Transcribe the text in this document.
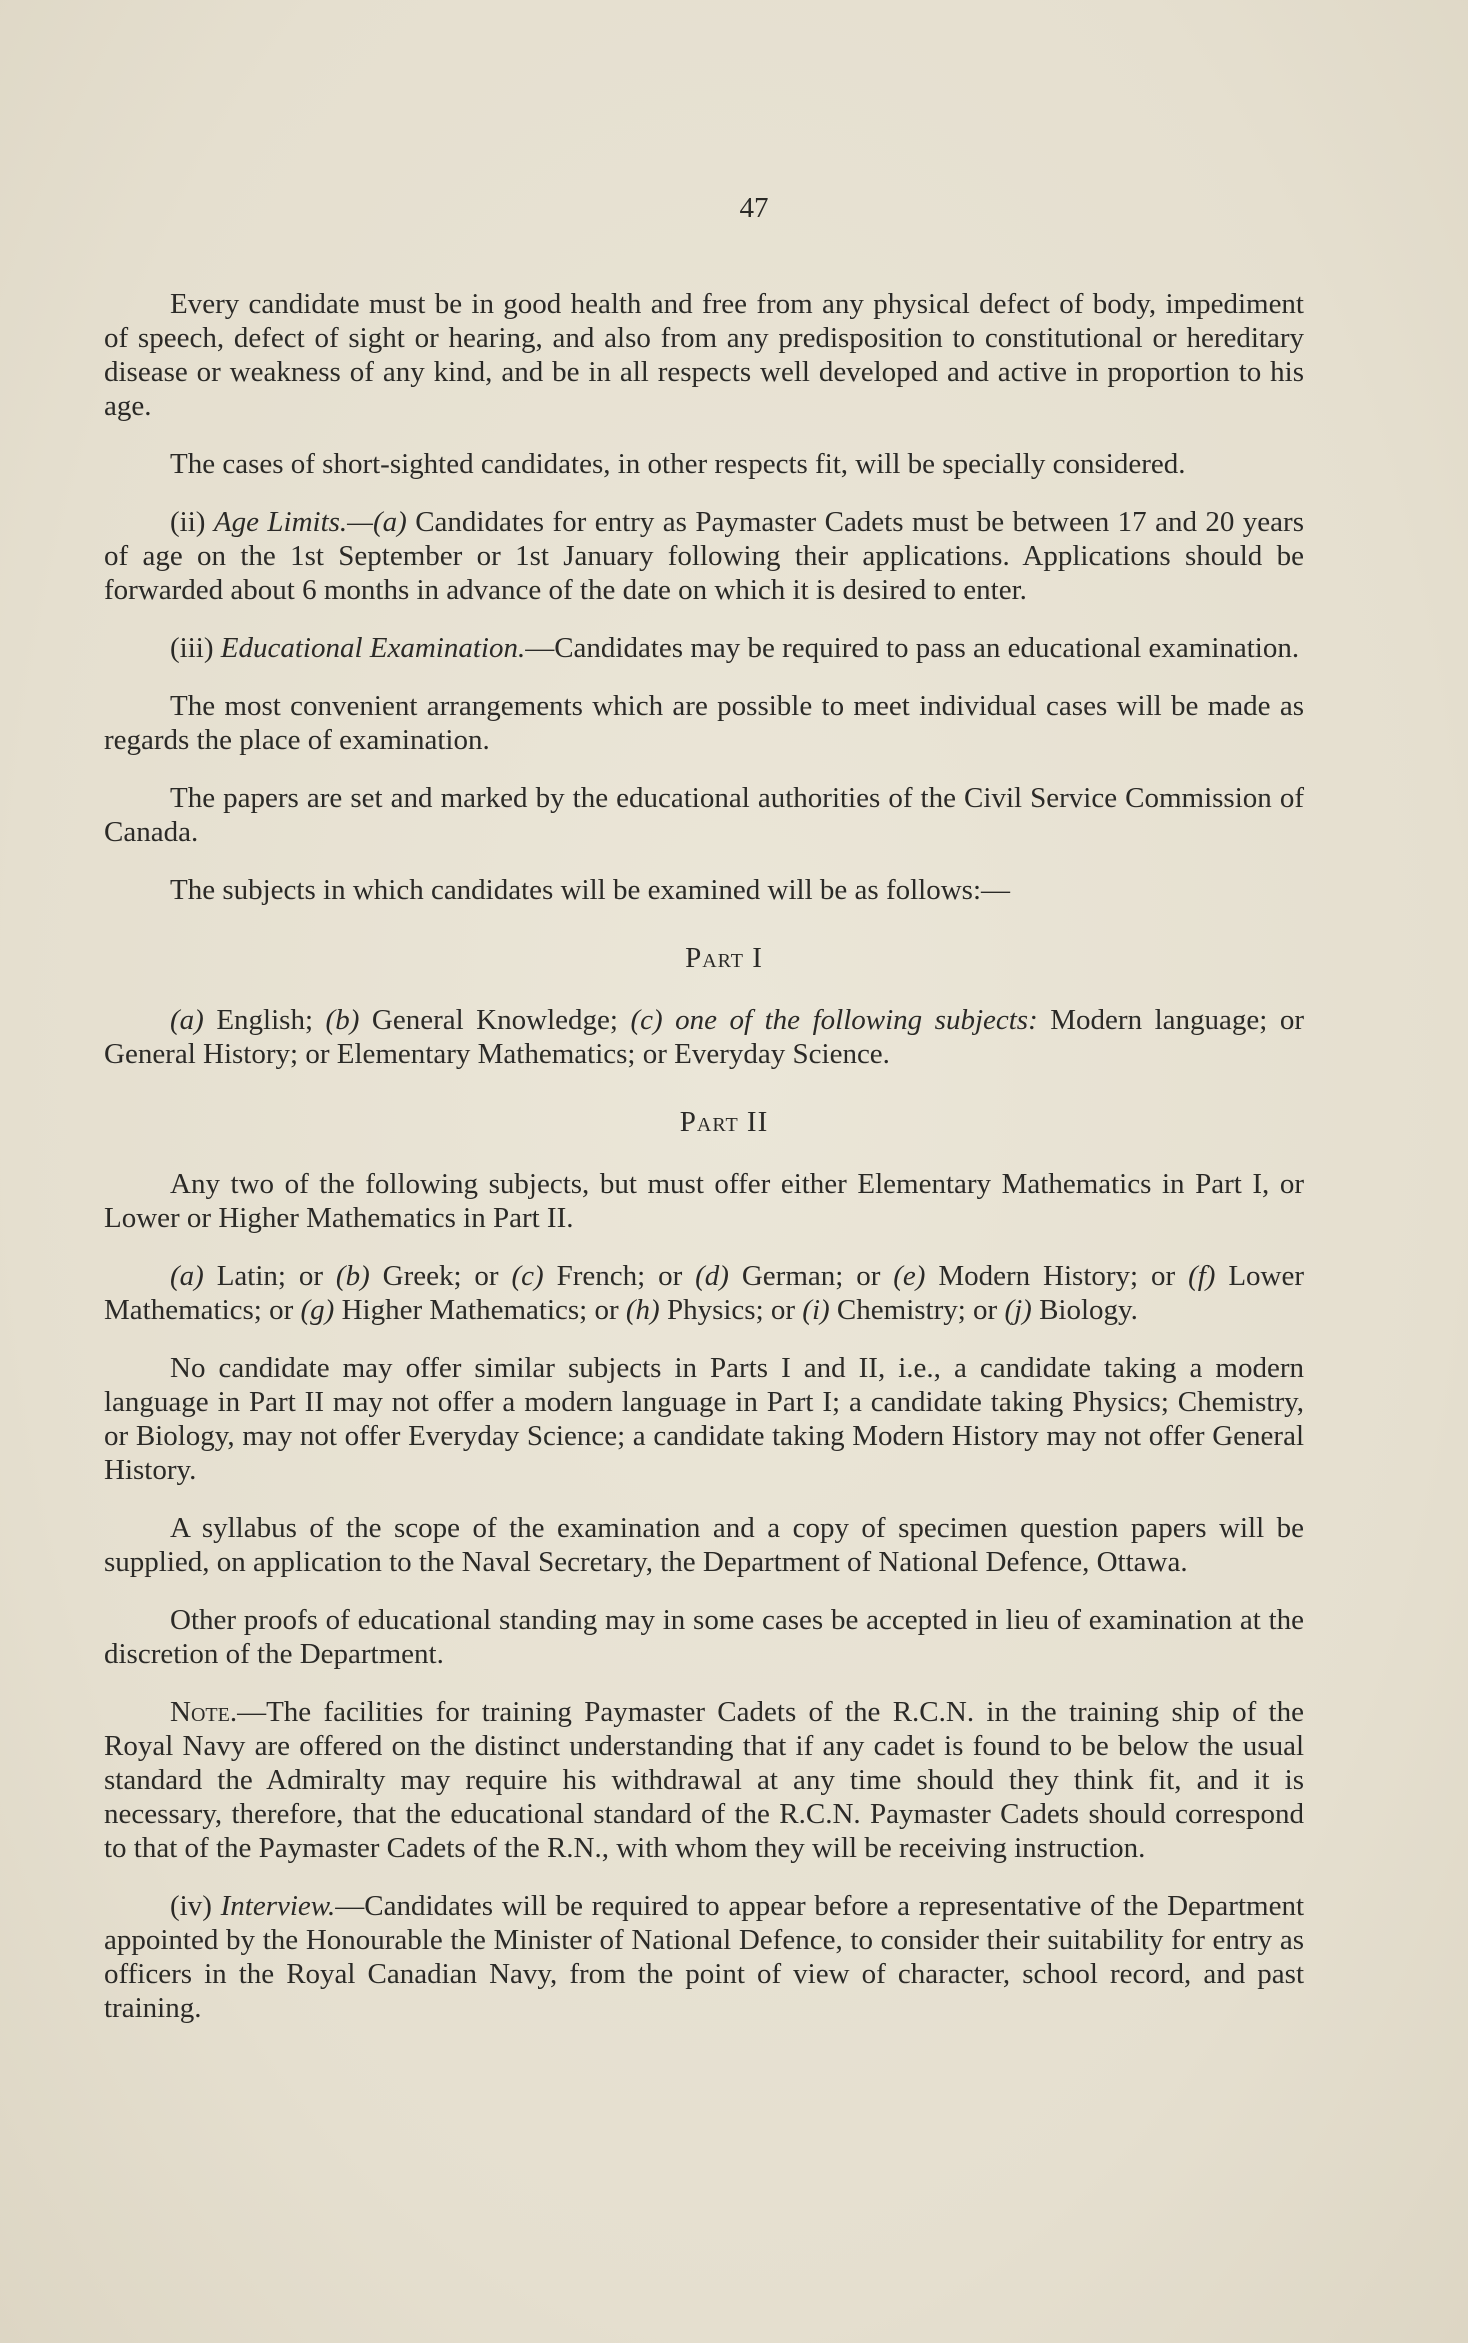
47

Every candidate must be in good health and free from any physical defect of body, impediment of speech, defect of sight or hearing, and also from any predisposition to constitutional or hereditary disease or weakness of any kind, and be in all respects well developed and active in proportion to his age.

The cases of short-sighted candidates, in other respects fit, will be specially considered.

(ii) Age Limits.—(a) Candidates for entry as Paymaster Cadets must be between 17 and 20 years of age on the 1st September or 1st January following their applications. Applications should be forwarded about 6 months in advance of the date on which it is desired to enter.

(iii) Educational Examination.—Candidates may be required to pass an educational examination.

The most convenient arrangements which are possible to meet individual cases will be made as regards the place of examination.

The papers are set and marked by the educational authorities of the Civil Service Commission of Canada.

The subjects in which candidates will be examined will be as follows:—

Part I

(a) English; (b) General Knowledge; (c) one of the following subjects: Modern language; or General History; or Elementary Mathematics; or Everyday Science.

Part II

Any two of the following subjects, but must offer either Elementary Mathematics in Part I, or Lower or Higher Mathematics in Part II.

(a) Latin; or (b) Greek; or (c) French; or (d) German; or (e) Modern History; or (f) Lower Mathematics; or (g) Higher Mathematics; or (h) Physics; or (i) Chemistry; or (j) Biology.

No candidate may offer similar subjects in Parts I and II, i.e., a candidate taking a modern language in Part II may not offer a modern language in Part I; a candidate taking Physics; Chemistry, or Biology, may not offer Everyday Science; a candidate taking Modern History may not offer General History.

A syllabus of the scope of the examination and a copy of specimen question papers will be supplied, on application to the Naval Secretary, the Department of National Defence, Ottawa.

Other proofs of educational standing may in some cases be accepted in lieu of examination at the discretion of the Department.

Note.—The facilities for training Paymaster Cadets of the R.C.N. in the training ship of the Royal Navy are offered on the distinct understanding that if any cadet is found to be below the usual standard the Admiralty may require his withdrawal at any time should they think fit, and it is necessary, therefore, that the educational standard of the R.C.N. Paymaster Cadets should correspond to that of the Paymaster Cadets of the R.N., with whom they will be receiving instruction.

(iv) Interview.—Candidates will be required to appear before a representative of the Department appointed by the Honourable the Minister of National Defence, to consider their suitability for entry as officers in the Royal Canadian Navy, from the point of view of character, school record, and past training.
